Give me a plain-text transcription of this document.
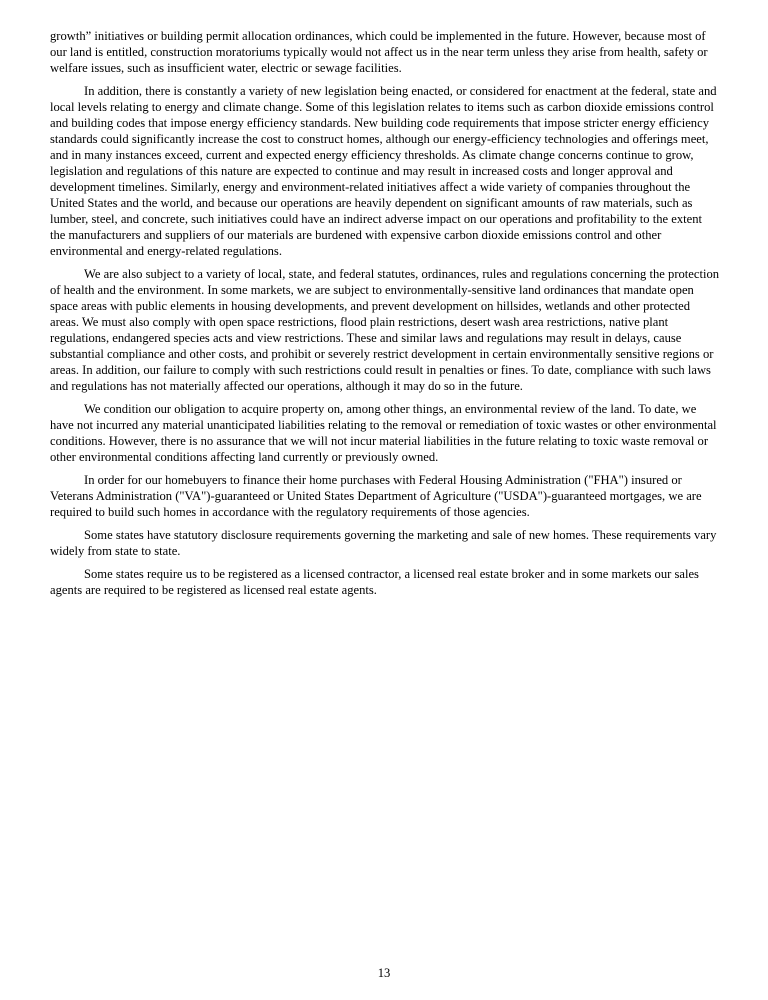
growth” initiatives or building permit allocation ordinances, which could be implemented in the future. However, because most of our land is entitled, construction moratoriums typically would not affect us in the near term unless they arise from health, safety or welfare issues, such as insufficient water, electric or sewage facilities.

In addition, there is constantly a variety of new legislation being enacted, or considered for enactment at the federal, state and local levels relating to energy and climate change. Some of this legislation relates to items such as carbon dioxide emissions control and building codes that impose energy efficiency standards. New building code requirements that impose stricter energy efficiency standards could significantly increase the cost to construct homes, although our energy-efficiency technologies and offerings meet, and in many instances exceed, current and expected energy efficiency thresholds. As climate change concerns continue to grow, legislation and regulations of this nature are expected to continue and may result in increased costs and longer approval and development timelines. Similarly, energy and environment-related initiatives affect a wide variety of companies throughout the United States and the world, and because our operations are heavily dependent on significant amounts of raw materials, such as lumber, steel, and concrete, such initiatives could have an indirect adverse impact on our operations and profitability to the extent the manufacturers and suppliers of our materials are burdened with expensive carbon dioxide emissions control and other environmental and energy-related regulations.

We are also subject to a variety of local, state, and federal statutes, ordinances, rules and regulations concerning the protection of health and the environment. In some markets, we are subject to environmentally-sensitive land ordinances that mandate open space areas with public elements in housing developments, and prevent development on hillsides, wetlands and other protected areas. We must also comply with open space restrictions, flood plain restrictions, desert wash area restrictions, native plant regulations, endangered species acts and view restrictions. These and similar laws and regulations may result in delays, cause substantial compliance and other costs, and prohibit or severely restrict development in certain environmentally sensitive regions or areas. In addition, our failure to comply with such restrictions could result in penalties or fines. To date, compliance with such laws and regulations has not materially affected our operations, although it may do so in the future.

We condition our obligation to acquire property on, among other things, an environmental review of the land. To date, we have not incurred any material unanticipated liabilities relating to the removal or remediation of toxic wastes or other environmental conditions. However, there is no assurance that we will not incur material liabilities in the future relating to toxic waste removal or other environmental conditions affecting land currently or previously owned.

In order for our homebuyers to finance their home purchases with Federal Housing Administration ("FHA") insured or Veterans Administration ("VA")-guaranteed or United States Department of Agriculture ("USDA")-guaranteed mortgages, we are required to build such homes in accordance with the regulatory requirements of those agencies.

Some states have statutory disclosure requirements governing the marketing and sale of new homes. These requirements vary widely from state to state.

Some states require us to be registered as a licensed contractor, a licensed real estate broker and in some markets our sales agents are required to be registered as licensed real estate agents.

13
